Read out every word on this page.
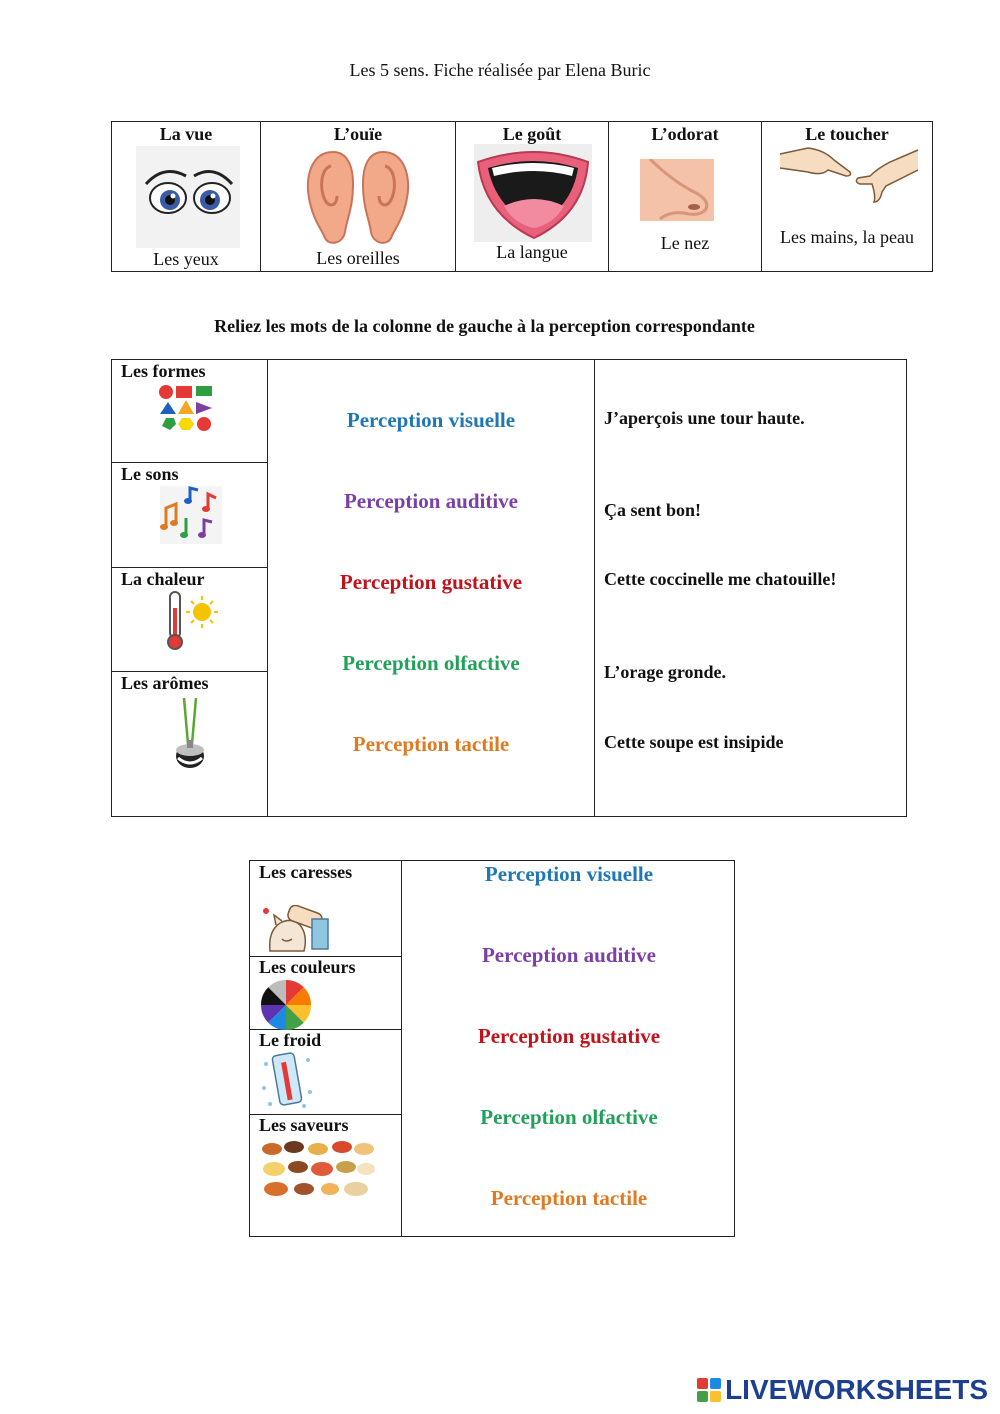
Les 5 sens. Fiche réalisée par Elena Buric
La vue
Les yeux
L’ouïe
Les oreilles
Le goût
La langue
L’odorat
Le nez
Le toucher
Les mains, la peau
Reliez les mots de la colonne de gauche à la perception correspondante
Les formes
Le sons
La chaleur
Les arômes
Perception visuelle
Perception auditive
Perception gustative
Perception olfactive
Perception tactile
J’aperçois une tour haute.
Ça sent bon!
Cette coccinelle me chatouille!
L’orage gronde.
Cette soupe est insipide
Les caresses
Les couleurs
Le froid
Les saveurs
Perception visuelle
Perception auditive
Perception gustative
Perception olfactive
Perception tactile
LIVEWORKSHEETS
